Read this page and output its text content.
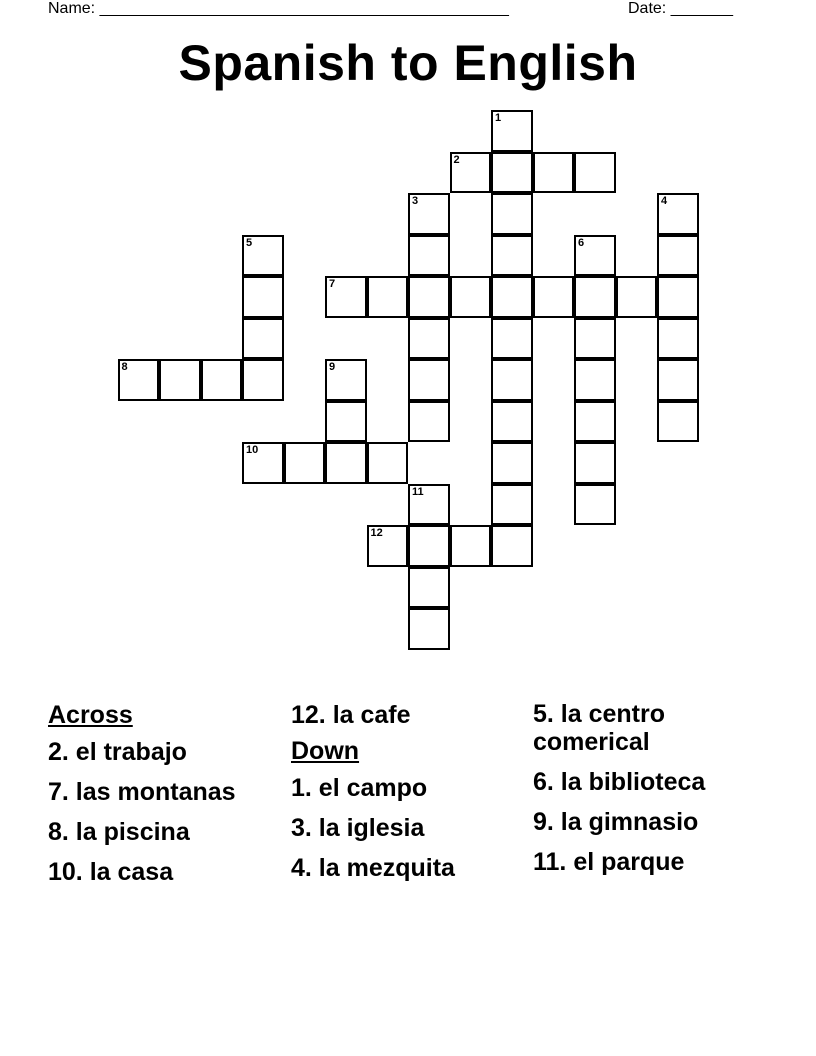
Name: ______________________________________________	Date: _______
Spanish to English
1
2
3	4
5	6
7
8	9
10
11
12
Across
2. el trabajo
7. las montanas
8. la piscina
10. la casa
12. la cafe
Down
1. el campo
3. la iglesia
4. la mezquita
5. la centro comerical
6. la biblioteca
9. la gimnasio
11. el parque
